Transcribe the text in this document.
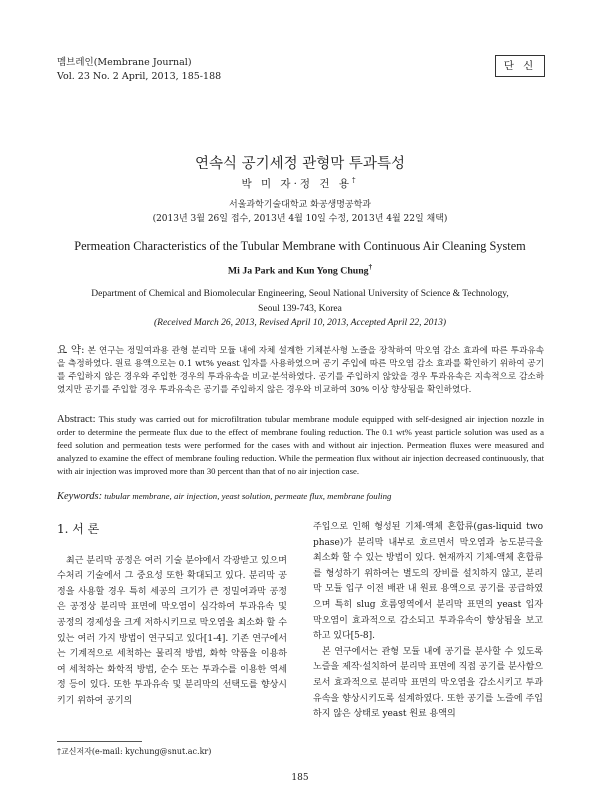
멤브레인(Membrane Journal)
Vol. 23 No. 2 April, 2013, 185-188
단 신
연속식 공기세정 관형막 투과특성
박 미 자·정 건 용†
서울과학기술대학교 화공생명공학과
(2013년 3월 26일 접수, 2013년 4월 10일 수정, 2013년 4월 22일 채택)
Permeation Characteristics of the Tubular Membrane with Continuous Air Cleaning System
Mi Ja Park and Kun Yong Chung†
Department of Chemical and Biomolecular Engineering, Seoul National University of Science & Technology,
Seoul 139-743, Korea
(Received March 26, 2013, Revised April 10, 2013, Accepted April 22, 2013)
요 약: 본 연구는 정밀여과용 관형 분리막 모듈 내에 자체 설계한 기체분사형 노즐을 장착하여 막오염 감소 효과에 따른 투과유속을 측정하였다. 원료 용액으로는 0.1 wt% yeast 입자를 사용하였으며 공기 주입에 따른 막오염 감소 효과를 확인하기 위하여 공기를 주입하지 않은 경우와 주입한 경우의 투과유속을 비교·분석하였다. 공기를 주입하지 않았을 경우 투과유속은 지속적으로 감소하였지만 공기를 주입할 경우 투과유속은 공기를 주입하지 않은 경우와 비교하여 30% 이상 향상됨을 확인하였다.
Abstract: This study was carried out for microfiltration tubular membrane module equipped with self-designed air injection nozzle in order to determine the permeate flux due to the effect of membrane fouling reduction. The 0.1 wt% yeast particle solution was used as a feed solution and permeation tests were performed for the cases with and without air injection. Permeation fluxes were measured and analyzed to examine the effect of membrane fouling reduction. While the permeation flux without air injection decreased continuously, that with air injection was improved more than 30 percent than that of no air injection case.
Keywords: tubular membrane, air injection, yeast solution, permeate flux, membrane fouling
1. 서 론

최근 분리막 공정은 여러 기술 분야에서 각광받고 있으며 수처리 기술에서 그 중요성 또한 확대되고 있다. 분리막 공정을 사용할 경우 특히 세공의 크기가 큰 정밀여과막 공정은 공정상 분리막 표면에 막오염이 심각하여 투과유속 및 공정의 경제성을 크게 저하시키므로 막오염을 최소화 할 수 있는 여러 가지 방법이 연구되고 있다[1-4]. 기존 연구에서는 기계적으로 세척하는 물리적 방법, 화학 약품을 이용하여 세척하는 화학적 방법, 순수 또는 투과수를 이용한 역세정 등이 있다. 또한 투과유속 및 분리막의 선택도를 향상시키기 위하여 공기의

주입으로 인해 형성된 기체-액체 혼합류(gas-liquid two phase)가 분리막 내부로 흐르면서 막오염과 농도분극을 최소화 할 수 있는 방법이 있다. 현재까지 기체-액체 혼합류를 형성하기 위하여는 별도의 장비를 설치하지 않고, 분리막 모듈 입구 이전 배관 내 원료 용액으로 공기를 공급하였으며 특히 slug 흐름영역에서 분리막 표면의 yeast 입자 막오염이 효과적으로 감소되고 투과유속이 향상됨을 보고하고 있다[5-8].

본 연구에서는 관형 모듈 내에 공기를 분사할 수 있도록 노즐을 제작·설치하여 분리막 표면에 직접 공기를 분사함으로서 효과적으로 분리막 표면의 막오염을 감소시키고 투과유속을 향상시키도록 설계하였다. 또한 공기를 노즐에 주입하지 않은 상태로 yeast 원료 용액의

†교신저자(e-mail: kychung@snut.ac.kr)
185
